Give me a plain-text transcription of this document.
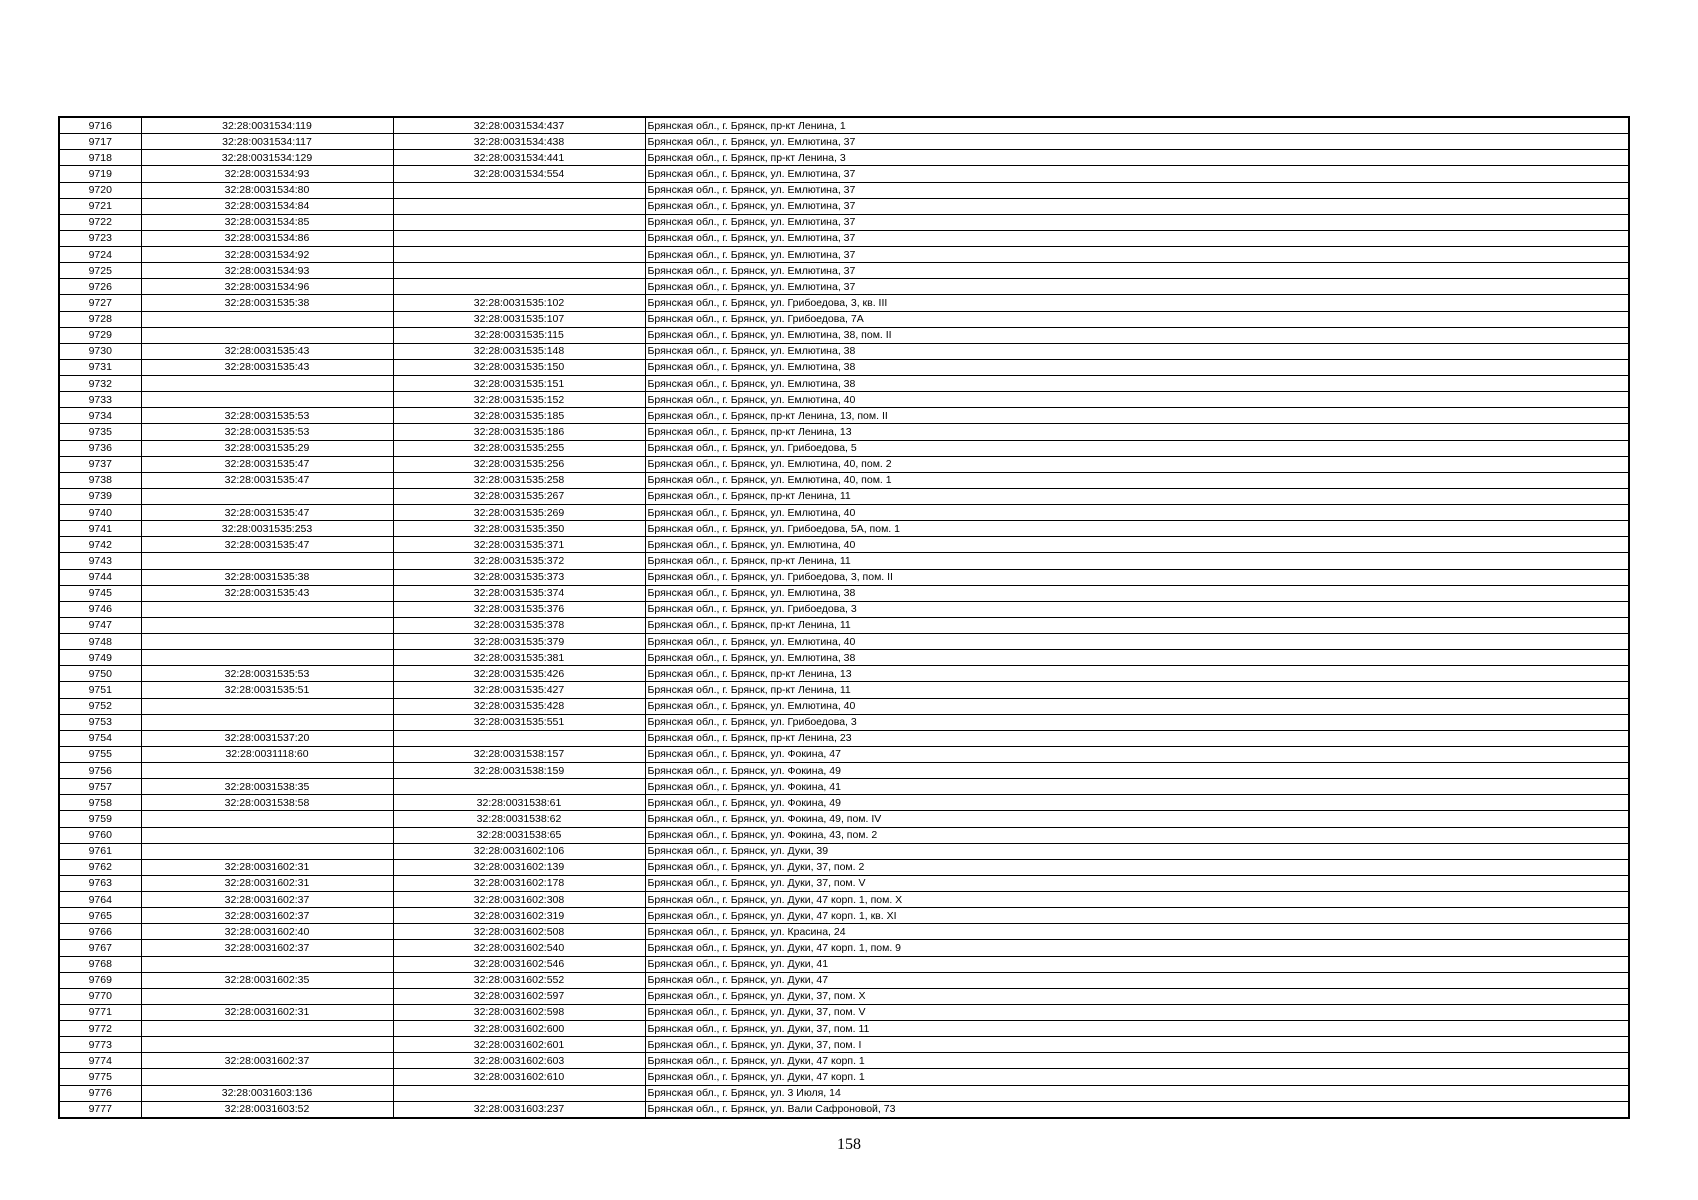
9716	32:28:0031534:119	32:28:0031534:437	Брянская обл., г. Брянск, пр-кт Ленина, 1
9717	32:28:0031534:117	32:28:0031534:438	Брянская обл., г. Брянск, ул. Емлютина, 37
9718	32:28:0031534:129	32:28:0031534:441	Брянская обл., г. Брянск, пр-кт Ленина, 3
9719	32:28:0031534:93	32:28:0031534:554	Брянская обл., г. Брянск, ул. Емлютина, 37
9720	32:28:0031534:80		Брянская обл., г. Брянск, ул. Емлютина, 37
9721	32:28:0031534:84		Брянская обл., г. Брянск, ул. Емлютина, 37
9722	32:28:0031534:85		Брянская обл., г. Брянск, ул. Емлютина, 37
9723	32:28:0031534:86		Брянская обл., г. Брянск, ул. Емлютина, 37
9724	32:28:0031534:92		Брянская обл., г. Брянск, ул. Емлютина, 37
9725	32:28:0031534:93		Брянская обл., г. Брянск, ул. Емлютина, 37
9726	32:28:0031534:96		Брянская обл., г. Брянск, ул. Емлютина, 37
9727	32:28:0031535:38	32:28:0031535:102	Брянская обл., г. Брянск, ул. Грибоедова, 3, кв. III
9728		32:28:0031535:107	Брянская обл., г. Брянск, ул. Грибоедова, 7А
9729		32:28:0031535:115	Брянская обл., г. Брянск, ул. Емлютина, 38, пом. II
9730	32:28:0031535:43	32:28:0031535:148	Брянская обл., г. Брянск, ул. Емлютина, 38
9731	32:28:0031535:43	32:28:0031535:150	Брянская обл., г. Брянск, ул. Емлютина, 38
9732		32:28:0031535:151	Брянская обл., г. Брянск, ул. Емлютина, 38
9733		32:28:0031535:152	Брянская обл., г. Брянск, ул. Емлютина, 40
9734	32:28:0031535:53	32:28:0031535:185	Брянская обл., г. Брянск, пр-кт Ленина, 13, пом. II
9735	32:28:0031535:53	32:28:0031535:186	Брянская обл., г. Брянск, пр-кт Ленина, 13
9736	32:28:0031535:29	32:28:0031535:255	Брянская обл., г. Брянск, ул. Грибоедова, 5
9737	32:28:0031535:47	32:28:0031535:256	Брянская обл., г. Брянск, ул. Емлютина, 40, пом. 2
9738	32:28:0031535:47	32:28:0031535:258	Брянская обл., г. Брянск, ул. Емлютина, 40, пом. 1
9739		32:28:0031535:267	Брянская обл., г. Брянск, пр-кт Ленина, 11
9740	32:28:0031535:47	32:28:0031535:269	Брянская обл., г. Брянск, ул. Емлютина, 40
9741	32:28:0031535:253	32:28:0031535:350	Брянская обл., г. Брянск, ул. Грибоедова, 5А, пом. 1
9742	32:28:0031535:47	32:28:0031535:371	Брянская обл., г. Брянск, ул. Емлютина, 40
9743		32:28:0031535:372	Брянская обл., г. Брянск, пр-кт Ленина, 11
9744	32:28:0031535:38	32:28:0031535:373	Брянская обл., г. Брянск, ул. Грибоедова, 3, пом. II
9745	32:28:0031535:43	32:28:0031535:374	Брянская обл., г. Брянск, ул. Емлютина, 38
9746		32:28:0031535:376	Брянская обл., г. Брянск, ул. Грибоедова, 3
9747		32:28:0031535:378	Брянская обл., г. Брянск, пр-кт Ленина, 11
9748		32:28:0031535:379	Брянская обл., г. Брянск, ул. Емлютина, 40
9749		32:28:0031535:381	Брянская обл., г. Брянск, ул. Емлютина, 38
9750	32:28:0031535:53	32:28:0031535:426	Брянская обл., г. Брянск, пр-кт Ленина, 13
9751	32:28:0031535:51	32:28:0031535:427	Брянская обл., г. Брянск, пр-кт Ленина, 11
9752		32:28:0031535:428	Брянская обл., г. Брянск, ул. Емлютина, 40
9753		32:28:0031535:551	Брянская обл., г. Брянск, ул. Грибоедова, 3
9754	32:28:0031537:20		Брянская обл., г. Брянск, пр-кт Ленина, 23
9755	32:28:0031118:60	32:28:0031538:157	Брянская обл., г. Брянск, ул. Фокина, 47
9756		32:28:0031538:159	Брянская обл., г. Брянск, ул. Фокина, 49
9757	32:28:0031538:35		Брянская обл., г. Брянск, ул. Фокина, 41
9758	32:28:0031538:58	32:28:0031538:61	Брянская обл., г. Брянск, ул. Фокина, 49
9759		32:28:0031538:62	Брянская обл., г. Брянск, ул. Фокина, 49, пом. IV
9760		32:28:0031538:65	Брянская обл., г. Брянск, ул. Фокина, 43, пом. 2
9761		32:28:0031602:106	Брянская обл., г. Брянск, ул. Дуки, 39
9762	32:28:0031602:31	32:28:0031602:139	Брянская обл., г. Брянск, ул. Дуки, 37, пом. 2
9763	32:28:0031602:31	32:28:0031602:178	Брянская обл., г. Брянск, ул. Дуки, 37, пом. V
9764	32:28:0031602:37	32:28:0031602:308	Брянская обл., г. Брянск, ул. Дуки, 47 корп. 1, пом. X
9765	32:28:0031602:37	32:28:0031602:319	Брянская обл., г. Брянск, ул. Дуки, 47 корп. 1, кв. XI
9766	32:28:0031602:40	32:28:0031602:508	Брянская обл., г. Брянск, ул. Красина, 24
9767	32:28:0031602:37	32:28:0031602:540	Брянская обл., г. Брянск, ул. Дуки, 47 корп. 1, пом. 9
9768		32:28:0031602:546	Брянская обл., г. Брянск, ул. Дуки, 41
9769	32:28:0031602:35	32:28:0031602:552	Брянская обл., г. Брянск, ул. Дуки, 47
9770		32:28:0031602:597	Брянская обл., г. Брянск, ул. Дуки, 37, пом. X
9771	32:28:0031602:31	32:28:0031602:598	Брянская обл., г. Брянск, ул. Дуки, 37, пом. V
9772		32:28:0031602:600	Брянская обл., г. Брянск, ул. Дуки, 37, пом. 11
9773		32:28:0031602:601	Брянская обл., г. Брянск, ул. Дуки, 37, пом. I
9774	32:28:0031602:37	32:28:0031602:603	Брянская обл., г. Брянск, ул. Дуки, 47 корп. 1
9775		32:28:0031602:610	Брянская обл., г. Брянск, ул. Дуки, 47 корп. 1
9776	32:28:0031603:136		Брянская обл., г. Брянск, ул. 3 Июля, 14
9777	32:28:0031603:52	32:28:0031603:237	Брянская обл., г. Брянск, ул. Вали Сафроновой, 73
158
